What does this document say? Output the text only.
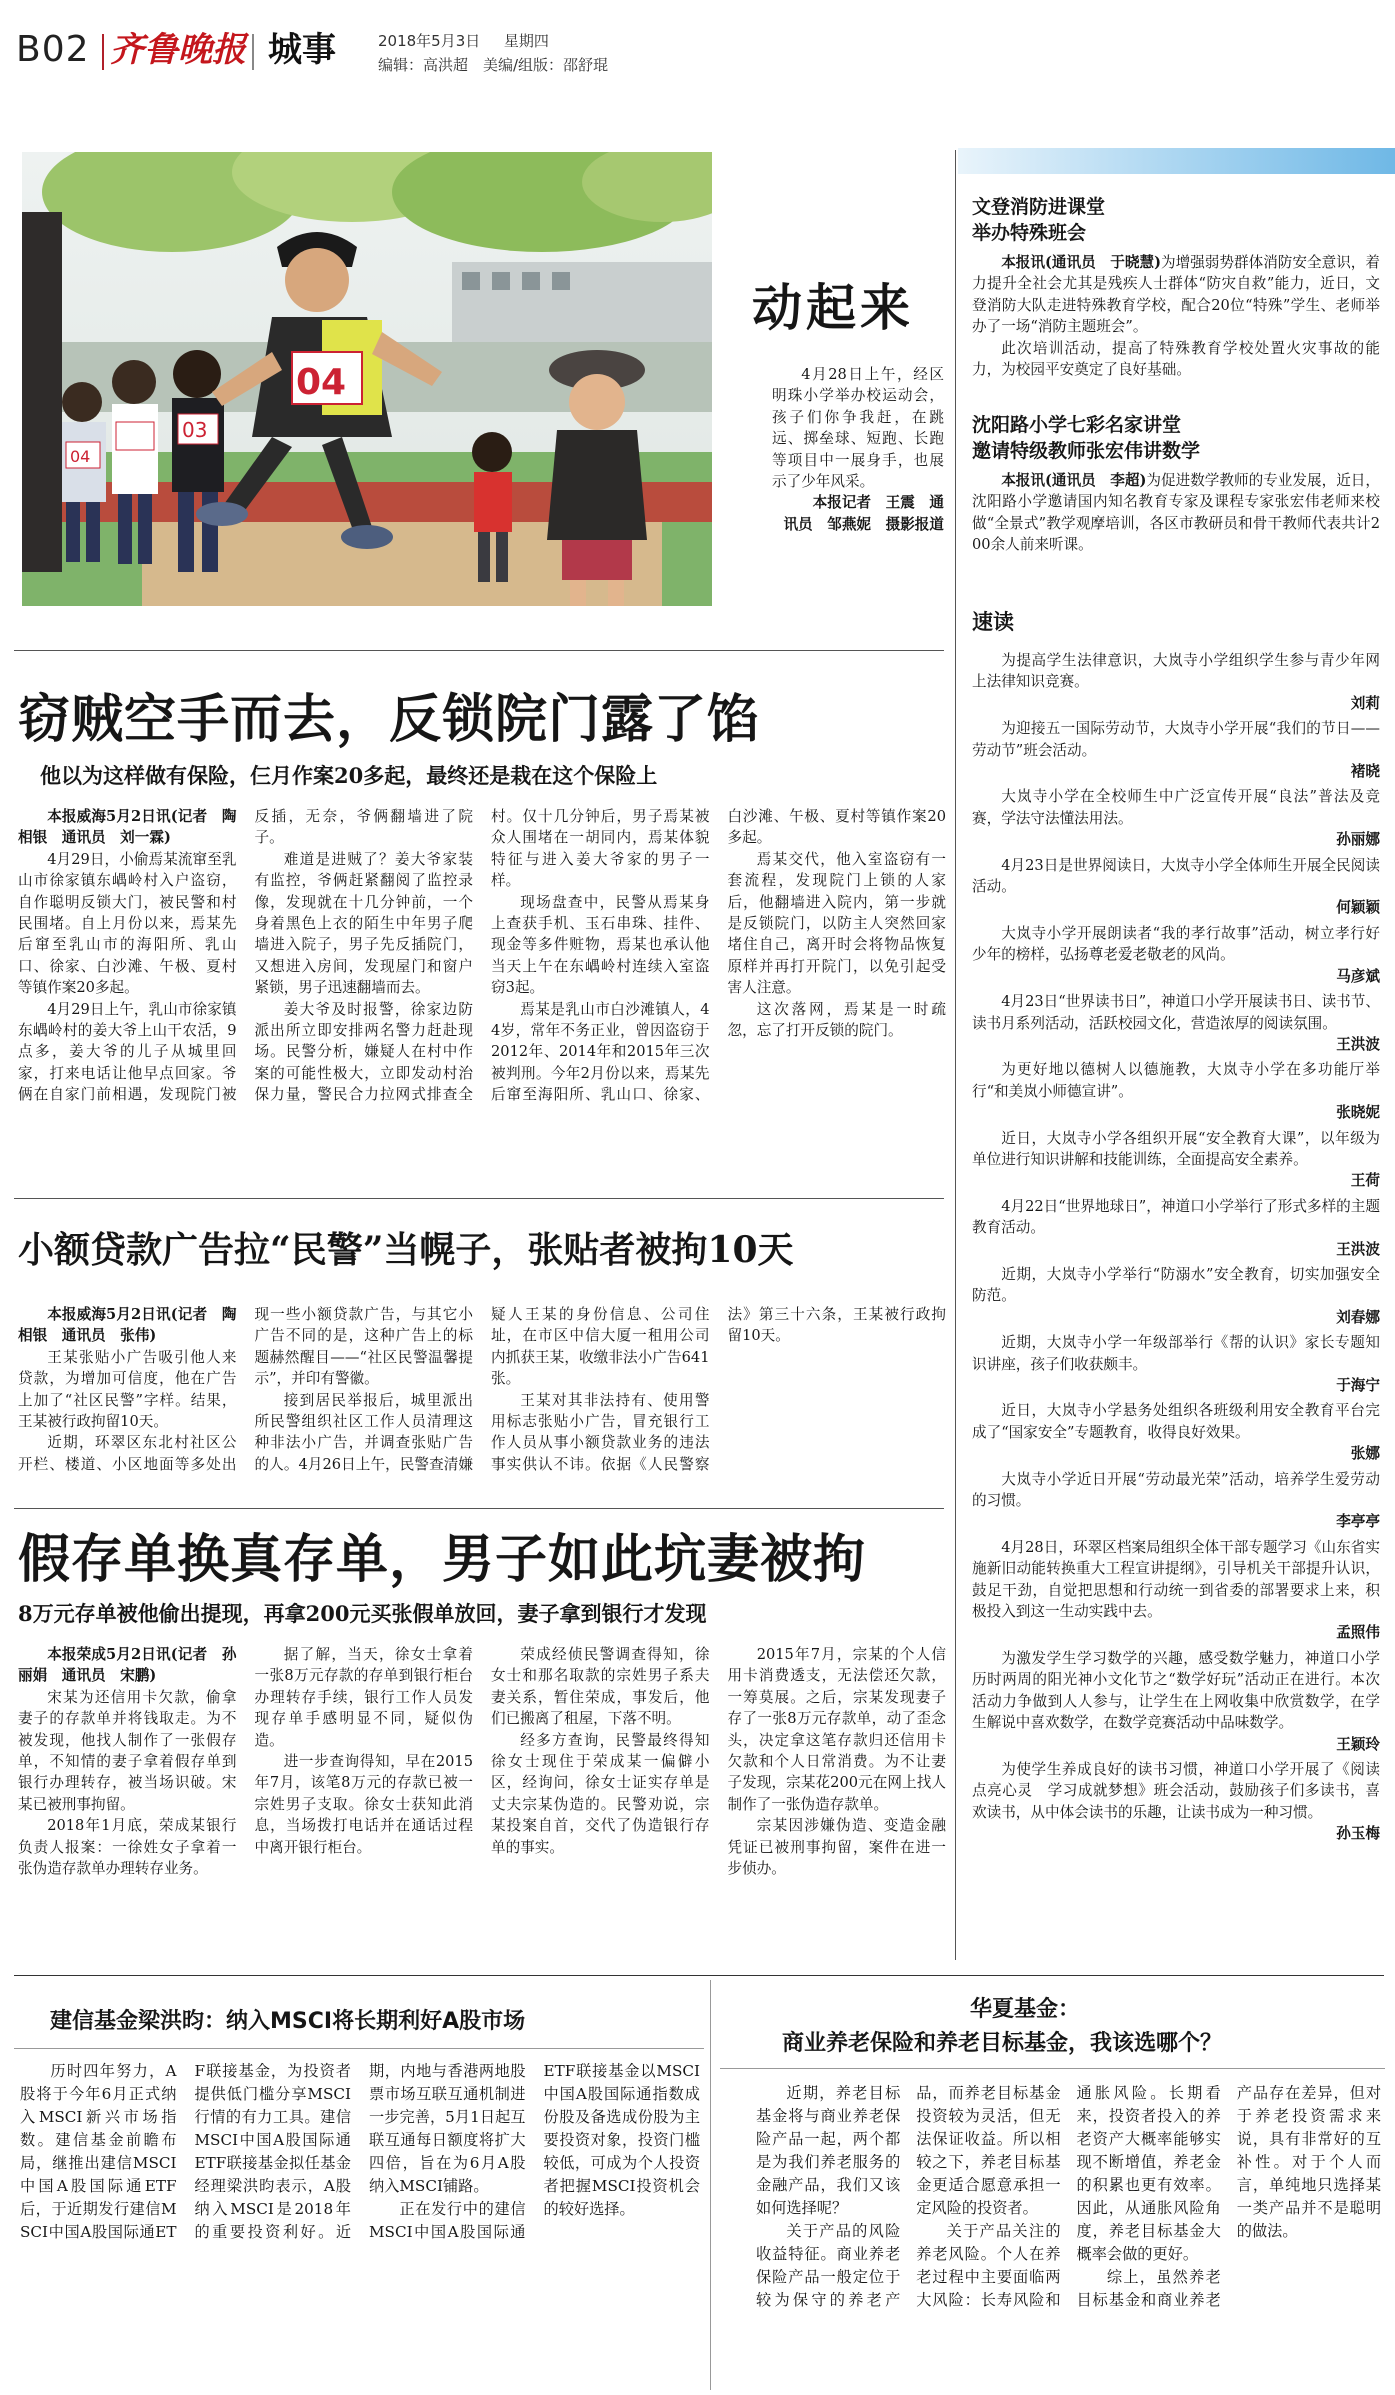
B02 齐鲁晚报 城事	2018年5月3日 星期四
编辑：高洪超　美编/组版：邵舒琨
04
03
04
动起来

4月28日上午，经区明珠小学举办校运动会，孩子们你争我赶，在跳远、掷垒球、短跑、长跑等项目中一展身手，也展示了少年风采。

本报记者　王震　通讯员　邹燕妮　摄影报道

文登消防进课堂
举办特殊班会

本报讯(通讯员　于晓慧)为增强弱势群体消防安全意识，着力提升全社会尤其是残疾人士群体“防灾自救”能力，近日，文登消防大队走进特殊教育学校，配合20位“特殊”学生、老师举办了一场“消防主题班会”。

此次培训活动，提高了特殊教育学校处置火灾事故的能力，为校园平安奠定了良好基础。

沈阳路小学七彩名家讲堂
邀请特级教师张宏伟讲数学

本报讯(通讯员　李超)为促进数学教师的专业发展，近日，沈阳路小学邀请国内知名教育专家及课程专家张宏伟老师来校做“全景式”教学观摩培训，各区市教研员和骨干教师代表共计200余人前来听课。

速读

为提高学生法律意识，大岚寺小学组织学生参与青少年网上法律知识竞赛。

刘莉

为迎接五一国际劳动节，大岚寺小学开展“我们的节日——劳动节”班会活动。

褚晓

大岚寺小学在全校师生中广泛宣传开展“良法”普法及竞赛，学法守法懂法用法。

孙丽娜

4月23日是世界阅读日，大岚寺小学全体师生开展全民阅读活动。

何颖颖

大岚寺小学开展朗读者“我的孝行故事”活动，树立孝行好少年的榜样，弘扬尊老爱老敬老的风尚。

马彦斌

4月23日“世界读书日”，神道口小学开展读书日、读书节、读书月系列活动，活跃校园文化，营造浓厚的阅读氛围。

王洪波

为更好地以德树人以德施教，大岚寺小学在多功能厅举行“和美岚小师德宣讲”。

张晓妮

近日，大岚寺小学各组织开展“安全教育大课”，以年级为单位进行知识讲解和技能训练，全面提高安全素养。

王荷

4月22日“世界地球日”，神道口小学举行了形式多样的主题教育活动。

王洪波

近期，大岚寺小学举行“防溺水”安全教育，切实加强安全防范。

刘春娜

近期，大岚寺小学一年级部举行《帮的认识》家长专题知识讲座，孩子们收获颇丰。

于海宁

近日，大岚寺小学悬务处组织各班级利用安全教育平台完成了“国家安全”专题教育，收得良好效果。

张娜

大岚寺小学近日开展“劳动最光荣”活动，培养学生爱劳动的习惯。

李亭亭

4月28日，环翠区档案局组织全体干部专题学习《山东省实施新旧动能转换重大工程宣讲提纲》，引导机关干部提升认识，鼓足干劲，自觉把思想和行动统一到省委的部署要求上来，积极投入到这一生动实践中去。

孟照伟

为激发学生学习数学的兴趣，感受数学魅力，神道口小学历时两周的阳光神小文化节之“数学好玩”活动正在进行。本次活动力争做到人人参与，让学生在上网收集中欣赏数学，在学生解说中喜欢数学，在数学竞赛活动中品味数学。

王颖玲

为使学生养成良好的读书习惯，神道口小学开展了《阅读点亮心灵　学习成就梦想》班会活动，鼓励孩子们多读书，喜欢读书，从中体会读书的乐趣，让读书成为一种习惯。

孙玉梅

窃贼空手而去，反锁院门露了馅
他以为这样做有保险，仨月作案20多起，最终还是栽在这个保险上

本报威海5月2日讯(记者　陶相银　通讯员　刘一霖)

4月29日，小偷焉某流窜至乳山市徐家镇东嵎岭村入户盗窃，自作聪明反锁大门，被民警和村民围堵。自上月份以来，焉某先后窜至乳山市的海阳所、乳山口、徐家、白沙滩、午极、夏村等镇作案20多起。

4月29日上午，乳山市徐家镇东嵎岭村的姜大爷上山干农活，9点多，姜大爷的儿子从城里回家，打来电话让他早点回家。爷俩在自家门前相遇，发现院门被反插，无奈，爷俩翻墙进了院子。

难道是进贼了？姜大爷家装有监控，爷俩赶紧翻阅了监控录像，发现就在十几分钟前，一个身着黑色上衣的陌生中年男子爬墙进入院子，男子先反插院门，又想进入房间，发现屋门和窗户紧锁，男子迅速翻墙而去。

姜大爷及时报警，徐家边防派出所立即安排两名警力赶赴现场。民警分析，嫌疑人在村中作案的可能性极大，立即发动村治保力量，警民合力拉网式排查全村。仅十几分钟后，男子焉某被众人围堵在一胡同内，焉某体貌特征与进入姜大爷家的男子一样。

现场盘查中，民警从焉某身上查获手机、玉石串珠、挂件、现金等多件赃物，焉某也承认他当天上午在东嵎岭村连续入室盗窃3起。

焉某是乳山市白沙滩镇人，44岁，常年不务正业，曾因盗窃于2012年、2014年和2015年三次被判刑。今年2月份以来，焉某先后窜至海阳所、乳山口、徐家、白沙滩、午极、夏村等镇作案20多起。

焉某交代，他入室盗窃有一套流程，发现院门上锁的人家后，他翻墙进入院内，第一步就是反锁院门，以防主人突然回家堵住自己，离开时会将物品恢复原样并再打开院门，以免引起受害人注意。

这次落网，焉某是一时疏忽，忘了打开反锁的院门。

小额贷款广告拉“民警”当幌子，张贴者被拘10天

本报威海5月2日讯(记者　陶相银　通讯员　张伟)

王某张贴小广告吸引他人来贷款，为增加可信度，他在广告上加了“社区民警”字样。结果，王某被行政拘留10天。

近期，环翠区东北村社区公开栏、楼道、小区地面等多处出现一些小额贷款广告，与其它小广告不同的是，这种广告上的标题赫然醒目——“社区民警温馨提示”，并印有警徽。

接到居民举报后，城里派出所民警组织社区工作人员清理这种非法小广告，并调查张贴广告的人。4月26日上午，民警查清嫌疑人王某的身份信息、公司住址，在市区中信大厦一租用公司内抓获王某，收缴非法小广告641张。

王某对其非法持有、使用警用标志张贴小广告，冒充银行工作人员从事小额贷款业务的违法事实供认不讳。依据《人民警察法》第三十六条，王某被行政拘留10天。

假存单换真存单，男子如此坑妻被拘
8万元存单被他偷出提现，再拿200元买张假单放回，妻子拿到银行才发现

本报荣成5月2日讯(记者　孙丽娟　通讯员　宋鹏)

宋某为还信用卡欠款，偷拿妻子的存款单并将钱取走。为不被发现，他找人制作了一张假存单，不知情的妻子拿着假存单到银行办理转存，被当场识破。宋某已被刑事拘留。

2018年1月底，荣成某银行负责人报案：一徐姓女子拿着一张伪造存款单办理转存业务。

据了解，当天，徐女士拿着一张8万元存款的存单到银行柜台办理转存手续，银行工作人员发现存单手感明显不同，疑似伪造。

进一步查询得知，早在2015年7月，该笔8万元的存款已被一宗姓男子支取。徐女士获知此消息，当场拨打电话并在通话过程中离开银行柜台。

荣成经侦民警调查得知，徐女士和那名取款的宗姓男子系夫妻关系，暂住荣成，事发后，他们已搬离了租屋，下落不明。

经多方查询，民警最终得知徐女士现住于荣成某一偏僻小区，经询问，徐女士证实存单是丈夫宗某伪造的。民警劝说，宗某投案自首，交代了伪造银行存单的事实。

2015年7月，宗某的个人信用卡消费透支，无法偿还欠款，一筹莫展。之后，宗某发现妻子存了一张8万元存款单，动了歪念头，决定拿这笔存款归还信用卡欠款和个人日常消费。为不让妻子发现，宗某花200元在网上找人制作了一张伪造存款单。

宗某因涉嫌伪造、变造金融凭证已被刑事拘留，案件在进一步侦办。

建信基金梁洪昀：纳入MSCI将长期利好A股市场

历时四年努力，A股将于今年6月正式纳入MSCI新兴市场指数。建信基金前瞻布局，继推出建信MSCI中国A股国际通ETF后，于近期发行建信MSCI中国A股国际通ETF联接基金，为投资者提供低门槛分享MSCI行情的有力工具。建信MSCI中国A股国际通ETF联接基金拟任基金经理梁洪昀表示，A股纳入MSCI是2018年的重要投资利好。近期，内地与香港两地股票市场互联互通机制进一步完善，5月1日起互联互通每日额度将扩大四倍，旨在为6月A股纳入MSCI铺路。

正在发行中的建信MSCI中国A股国际通ETF联接基金以MSCI中国A股国际通指数成份股及备选成份股为主要投资对象，投资门槛较低，可成为个人投资者把握MSCI投资机会的较好选择。

华夏基金：
商业养老保险和养老目标基金，我该选哪个？

近期，养老目标基金将与商业养老保险产品一起，两个都是为我们养老服务的金融产品，我们又该如何选择呢？

关于产品的风险收益特征。商业养老保险产品一般定位于较为保守的养老产品，而养老目标基金投资较为灵活，但无法保证收益。所以相较之下，养老目标基金更适合愿意承担一定风险的投资者。

关于产品关注的养老风险。个人在养老过程中主要面临两大风险：长寿风险和通胀风险。长期看来，投资者投入的养老资产大概率能够实现不断增值，养老金的积累也更有效率。因此，从通胀风险角度，养老目标基金大概率会做的更好。

综上，虽然养老目标基金和商业养老产品存在差异，但对于养老投资需求来说，具有非常好的互补性。对于个人而言，单纯地只选择某一类产品并不是聪明的做法。
